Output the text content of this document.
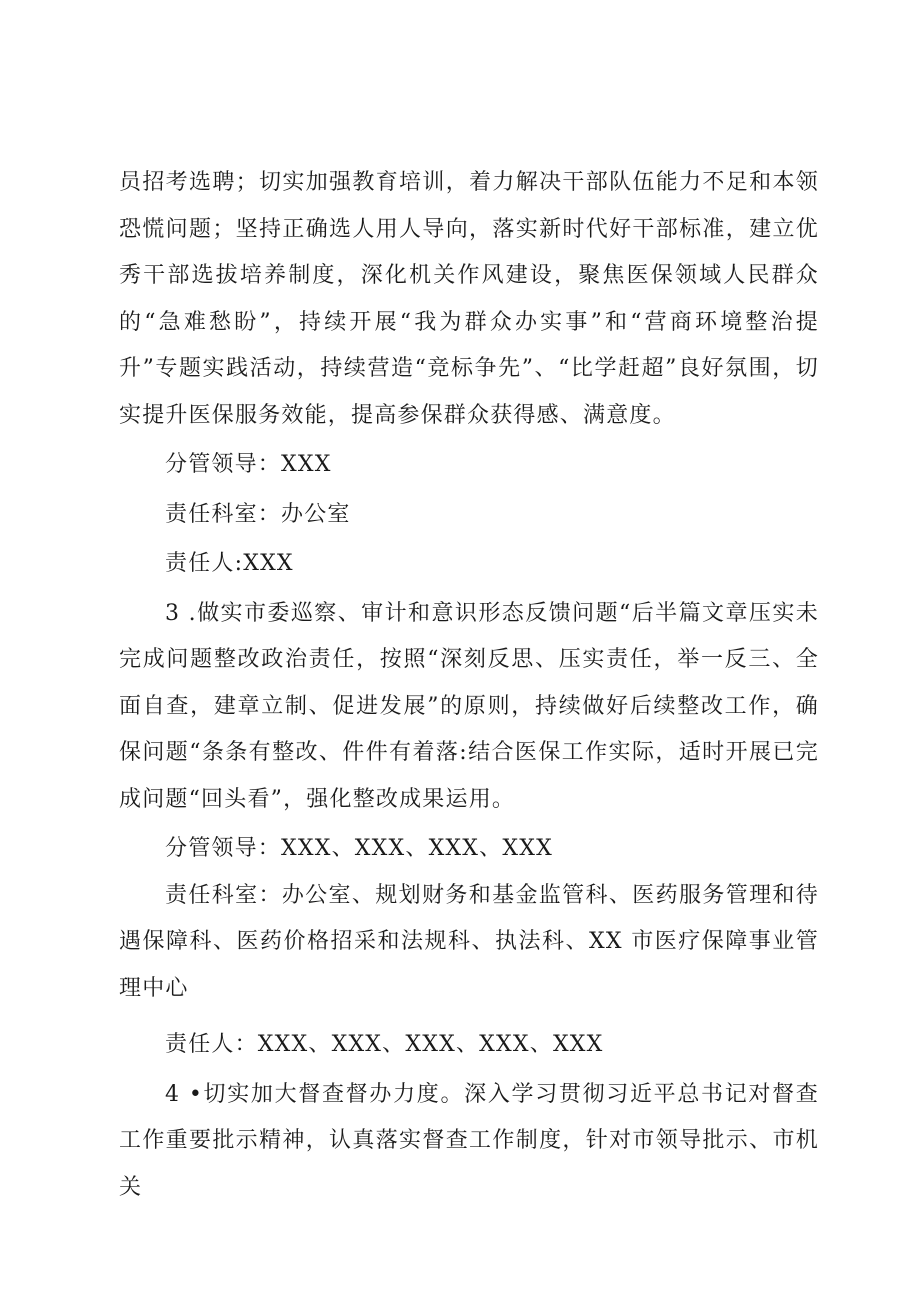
员招考选聘；切实加强教育培训，着力解决干部队伍能力不足和本领恐慌问题；坚持正确选人用人导向，落实新时代好干部标准，建立优秀干部选拔培养制度，深化机关作风建设，聚焦医保领域人民群众的“急难愁盼”，持续开展“我为群众办实事”和“营商环境整治提升”专题实践活动，持续营造“竞标争先”、“比学赶超”良好氛围，切实提升医保服务效能，提高参保群众获得感、满意度。

分管领导：XXX

责任科室：办公室

责任人:XXX

3 .做实市委巡察、审计和意识形态反馈问题“后半篇文章压实未完成问题整改政治责任，按照“深刻反思、压实责任，举一反三、全面自查，建章立制、促进发展”的原则，持续做好后续整改工作，确保问题“条条有整改、件件有着落:结合医保工作实际，适时开展已完成问题“回头看”，强化整改成果运用。

分管领导：XXX、XXX、XXX、XXX

责任科室：办公室、规划财务和基金监管科、医药服务管理和待遇保障科、医药价格招采和法规科、执法科、XX 市医疗保障事业管理中心

责任人：XXX、XXX、XXX、XXX、XXX

4 •切实加大督查督办力度。深入学习贯彻习近平总书记对督查工作重要批示精神，认真落实督查工作制度，针对市领导批示、市机关
